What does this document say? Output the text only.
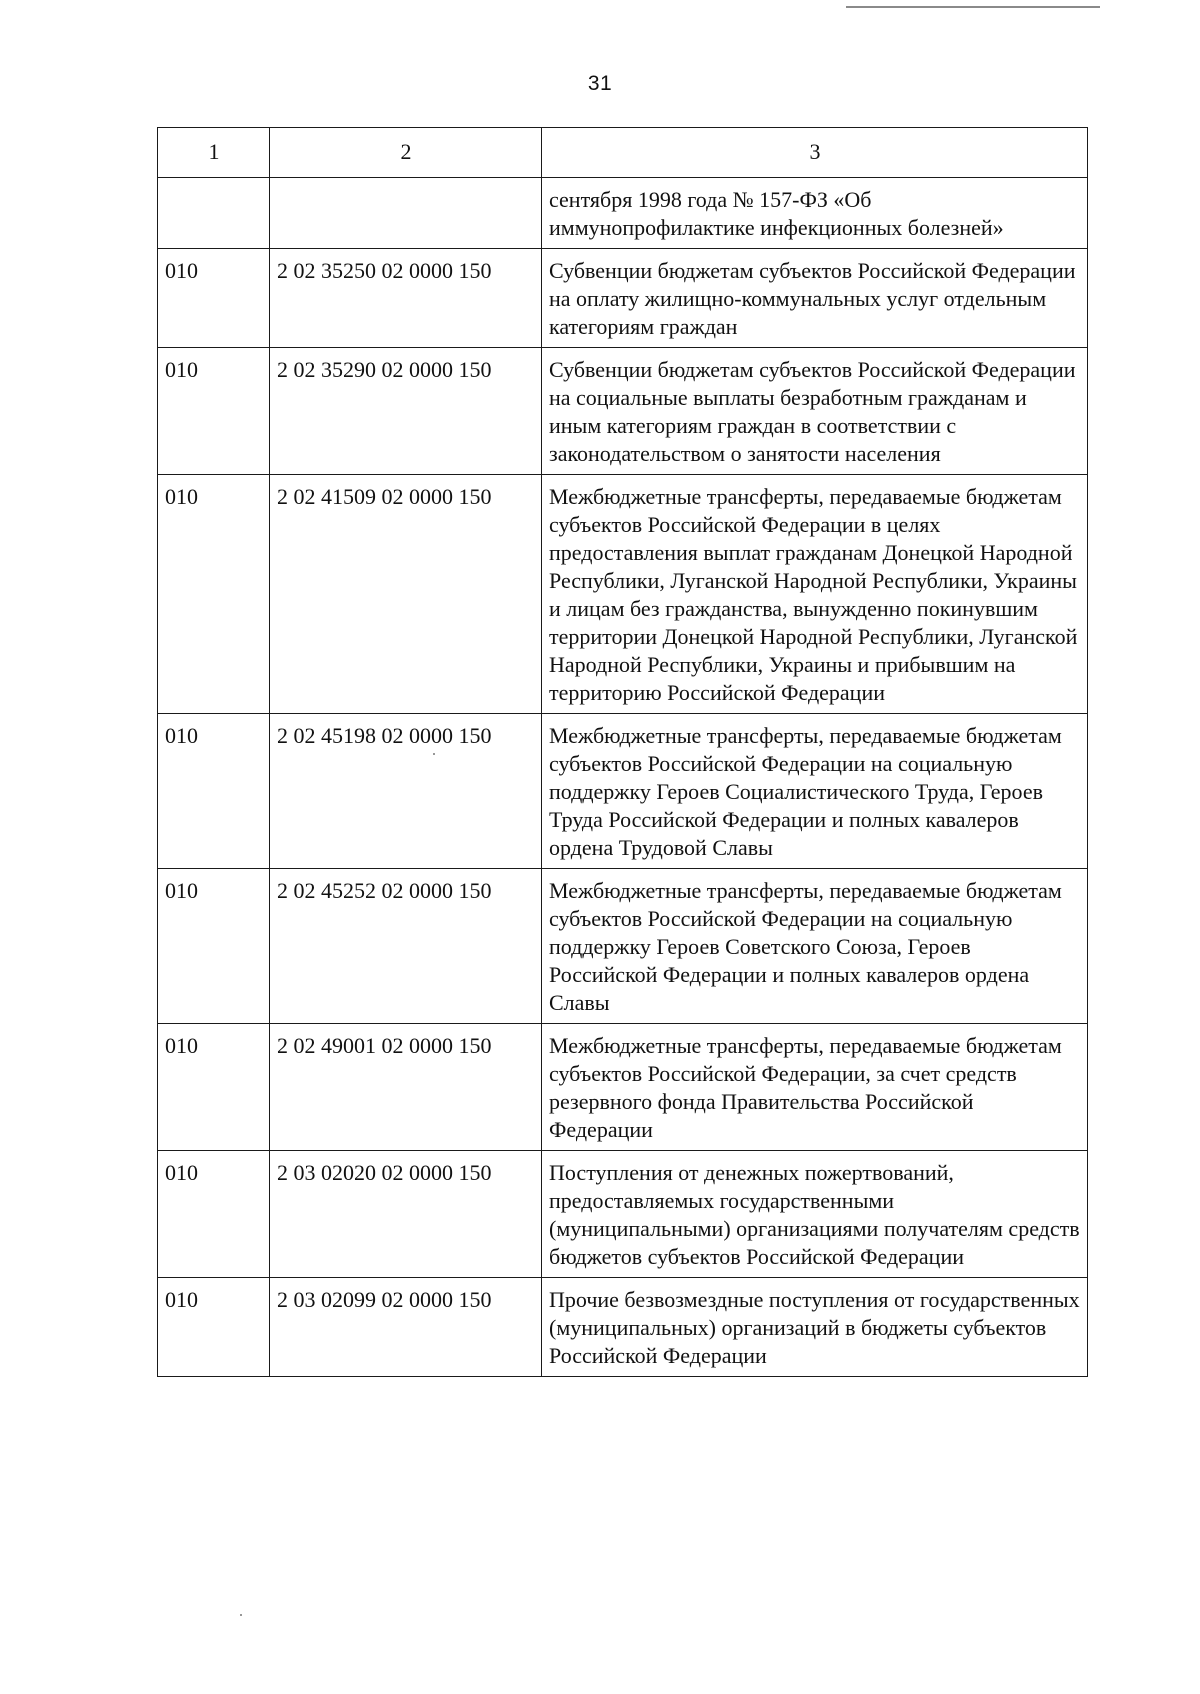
31
1	2	3
		сентября 1998 года № 157-ФЗ «Об иммунопрофилактике инфекционных болезней»
010	2 02 35250 02 0000 150	Субвенции бюджетам субъектов Российской Федерации на оплату жилищно-коммунальных услуг отдельным категориям граждан
010	2 02 35290 02 0000 150	Субвенции бюджетам субъектов Российской Федерации на социальные выплаты безработным гражданам и иным категориям граждан в соответствии с законодательством о занятости населения
010	2 02 41509 02 0000 150	Межбюджетные трансферты, передаваемые бюджетам субъектов Российской Федерации в целях предоставления выплат гражданам Донецкой Народной Республики, Луганской Народной Республики, Украины и лицам без гражданства, вынужденно покинувшим территории Донецкой Народной Республики, Луганской Народной Республики, Украины и прибывшим на территорию Российской Федерации
010	2 02 45198 02 0000 150	Межбюджетные трансферты, передаваемые бюджетам субъектов Российской Федерации на социальную поддержку Героев Социалистического Труда, Героев Труда Российской Федерации и полных кавалеров ордена Трудовой Славы
010	2 02 45252 02 0000 150	Межбюджетные трансферты, передаваемые бюджетам субъектов Российской Федерации на социальную поддержку Героев Советского Союза, Героев Российской Федерации и полных кавалеров ордена Славы
010	2 02 49001 02 0000 150	Межбюджетные трансферты, передаваемые бюджетам субъектов Российской Федерации, за счет средств резервного фонда Правительства Российской Федерации
010	2 03 02020 02 0000 150	Поступления от денежных пожертвований, предоставляемых государственными (муниципальными) организациями получателям средств бюджетов субъектов Российской Федерации
010	2 03 02099 02 0000 150	Прочие безвозмездные поступления от государственных (муниципальных) организаций в бюджеты субъектов Российской Федерации
